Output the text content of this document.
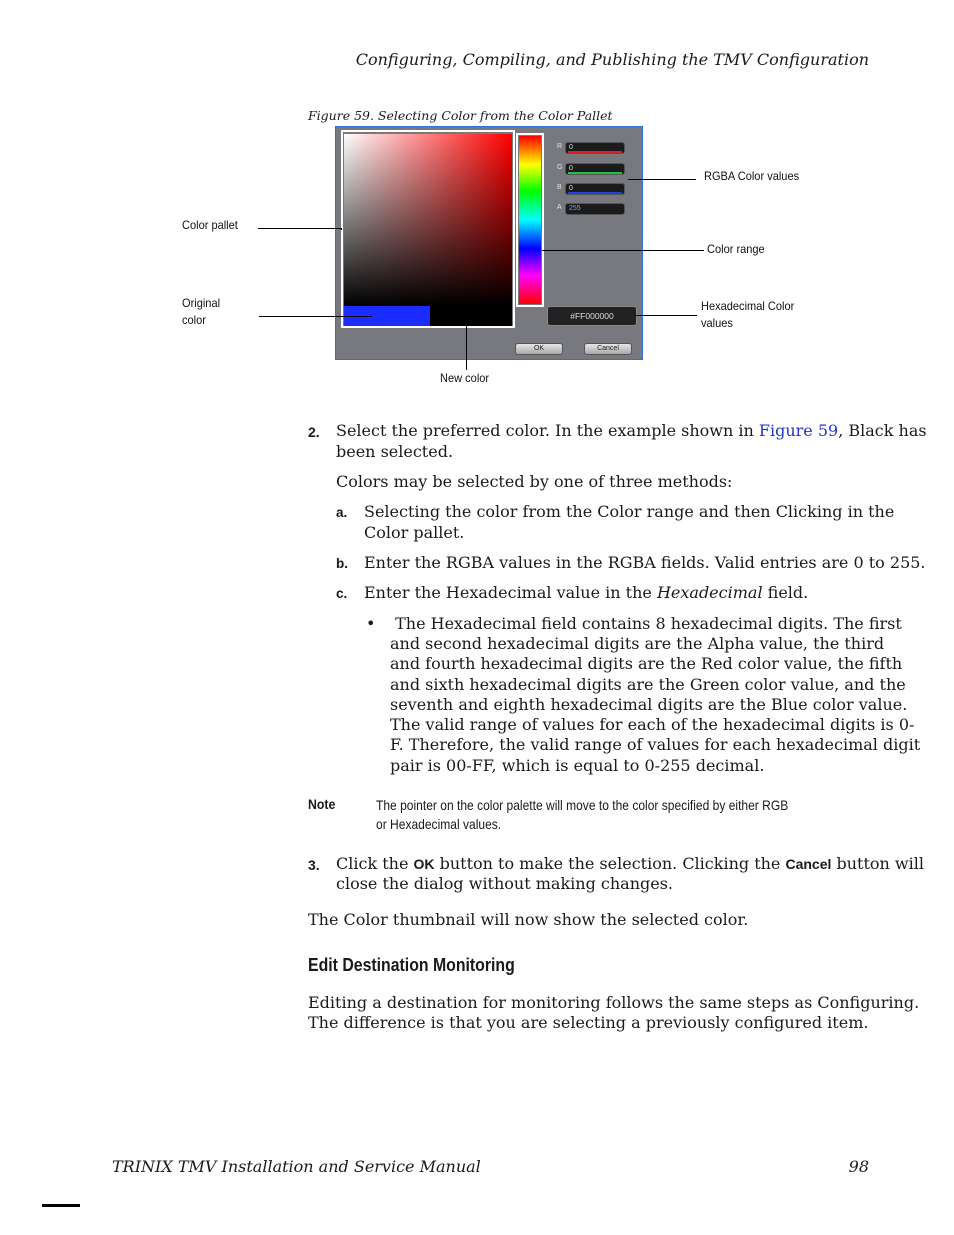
Configuring, Compiling, and Publishing the TMV Configuration
Figure 59. Selecting Color from the Color Pallet
R 0
G 0
B	0
A	255
#FF000000
OK	Cancel
Color pallet
Original
color
New color
RGBA Color values
Color range
Hexadecimal Color
values
2. Select the preferred color. In the example shown in Figure 59, Black has
been selected.
Colors may be selected by one of three methods:
a. Selecting the color from the Color range and then Clicking in the
Color pallet.
b. Enter the RGBA values in the RGBA fields. Valid entries are 0 to 255.
c. Enter the Hexadecimal value in the Hexadecimal field.
• The Hexadecimal field contains 8 hexadecimal digits. The first
and second hexadecimal digits are the Alpha value, the third
and fourth hexadecimal digits are the Red color value, the fifth
and sixth hexadecimal digits are the Green color value, and the
seventh and eighth hexadecimal digits are the Blue color value.
The valid range of values for each of the hexadecimal digits is 0-
F. Therefore, the valid range of values for each hexadecimal digit
pair is 00-FF, which is equal to 0-255 decimal.
Note	The pointer on the color palette will move to the color specified by either RGB
or Hexadecimal values.
3. Click the OK button to make the selection. Clicking the Cancel button will
close the dialog without making changes.
The Color thumbnail will now show the selected color.
Edit Destination Monitoring
Editing a destination for monitoring follows the same steps as Configuring.
The difference is that you are selecting a previously configured item.
TRINIX TMV Installation and Service Manual	98
